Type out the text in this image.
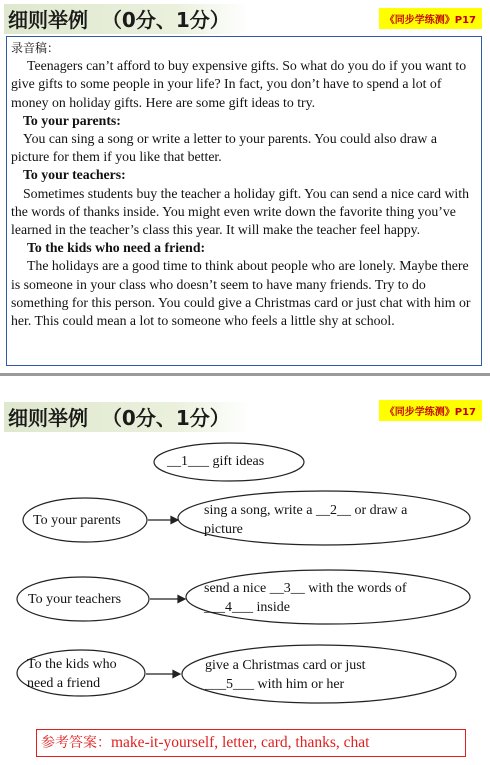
细则举例  （0分、1分）	《同步学练测》P17

录音稿：

Teenagers can’t afford to buy expensive gifts. So what do you do if you want to give gifts to some people in your life? In fact, you don’t have to spend a lot of money on holiday gifts. Here are some gift ideas to try.

To your parents:

You can sing a song or write a letter to your parents. You could also draw a picture for them if you like that better.

To your teachers:

Sometimes students buy the teacher a holiday gift. You can send a nice card with the words of thanks inside. You might even write down the favorite thing you’ve learned in the teacher’s class this year. It will make the teacher feel happy.

To the kids who need a friend:

The holidays are a good time to think about people who are lonely. Maybe there is someone in your class who doesn’t seem to have many friends. Try to do something for this person. You could give a Christmas card or just chat with him or her. This could mean a lot to someone who feels a little shy at school.

细则举例  （0分、1分）	《同步学练测》P17
__1___ gift ideas
To your parents
sing a song, write a __2__ or draw a picture
To your teachers
send a nice __3__ with the words of ___4___ inside
To the kids who need a friend
give a Christmas card or just ___5___ with him or her
参考答案：make-it-yourself, letter, card, thanks, chat
